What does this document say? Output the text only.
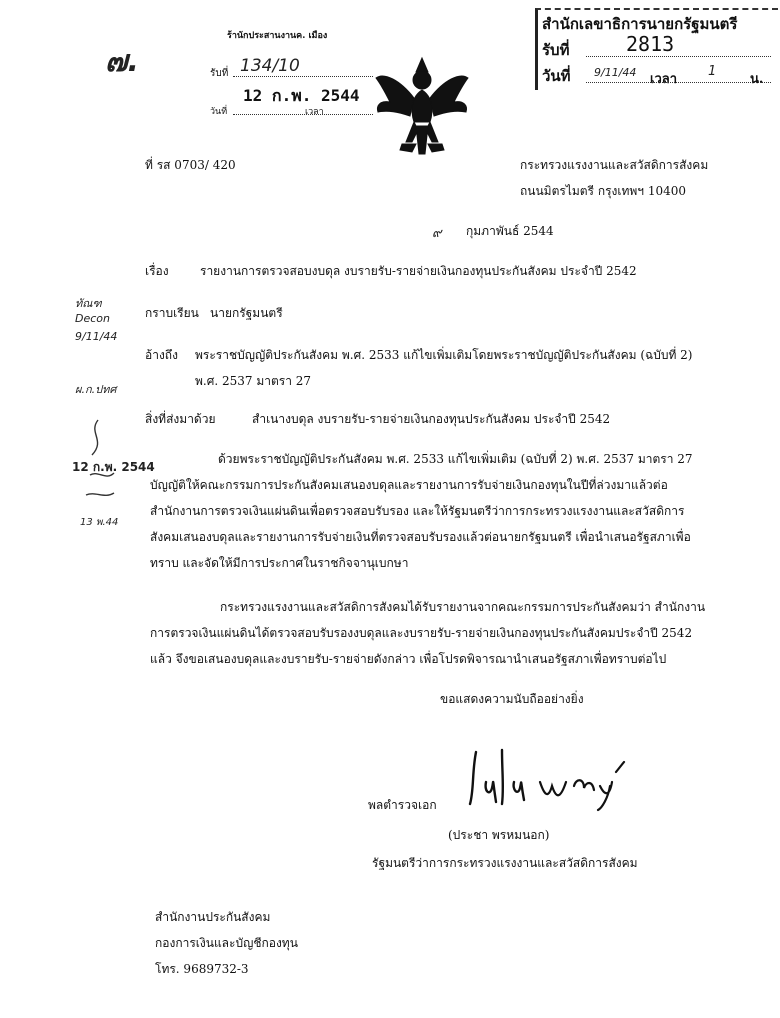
๗.
ร้านักประสานงานค. เมือง
รับที่ 134/10
12 ก.พ. 2544
วันที่	เวลา
สำนักเลขาธิการนายกรัฐมนตรี
รับที่	2813
วันที่ 9/11/44 เวลา
1
น.
ที่ รส 0703/ 420	กระทรวงแรงงานและสวัสดิการสังคม
ถนนมิตรไมตรี กรุงเทพฯ 10400
๙ กุมภาพันธ์ 2544
เรื่อง	รายงานการตรวจสอบงบดุล งบรายรับ-รายจ่ายเงินกองทุนประกันสังคม ประจำปี 2542
กราบเรียน นายกรัฐมนตรี
อ้างถึง พระราชบัญญัติประกันสังคม พ.ศ. 2533 แก้ไขเพิ่มเติมโดยพระราชบัญญัติประกันสังคม (ฉบับที่ 2)
พ.ศ. 2537 มาตรา 27
สิ่งที่ส่งมาด้วย	สำเนางบดุล งบรายรับ-รายจ่ายเงินกองทุนประกันสังคม ประจำปี 2542
ทัณฑ
Decon
9/11/44
ผ.ก.ปทศ
12 ก.พ. 2544
13 พ.44
ด้วยพระราชบัญญัติประกันสังคม พ.ศ. 2533 แก้ไขเพิ่มเติม (ฉบับที่ 2) พ.ศ. 2537 มาตรา 27
บัญญัติให้คณะกรรมการประกันสังคมเสนองบดุลและรายงานการรับจ่ายเงินกองทุนในปีที่ล่วงมาแล้วต่อ
สำนักงานการตรวจเงินแผ่นดินเพื่อตรวจสอบรับรอง และให้รัฐมนตรีว่าการกระทรวงแรงงานและสวัสดิการ
สังคมเสนองบดุลและรายงานการรับจ่ายเงินที่ตรวจสอบรับรองแล้วต่อนายกรัฐมนตรี เพื่อนำเสนอรัฐสภาเพื่อ
ทราบ และจัดให้มีการประกาศในราชกิจจานุเบกษา
กระทรวงแรงงานและสวัสดิการสังคมได้รับรายงานจากคณะกรรมการประกันสังคมว่า สำนักงาน
การตรวจเงินแผ่นดินได้ตรวจสอบรับรองงบดุลและงบรายรับ-รายจ่ายเงินกองทุนประกันสังคมประจำปี 2542
แล้ว จึงขอเสนองบดุลและงบรายรับ-รายจ่ายดังกล่าว เพื่อโปรดพิจารณานำเสนอรัฐสภาเพื่อทราบต่อไป
ขอแสดงความนับถืออย่างยิ่ง
พลตำรวจเอก
(ประชา พรหมนอก)
รัฐมนตรีว่าการกระทรวงแรงงานและสวัสดิการสังคม
สำนักงานประกันสังคม
กองการเงินและบัญชีกองทุน
โทร. 9689732-3
